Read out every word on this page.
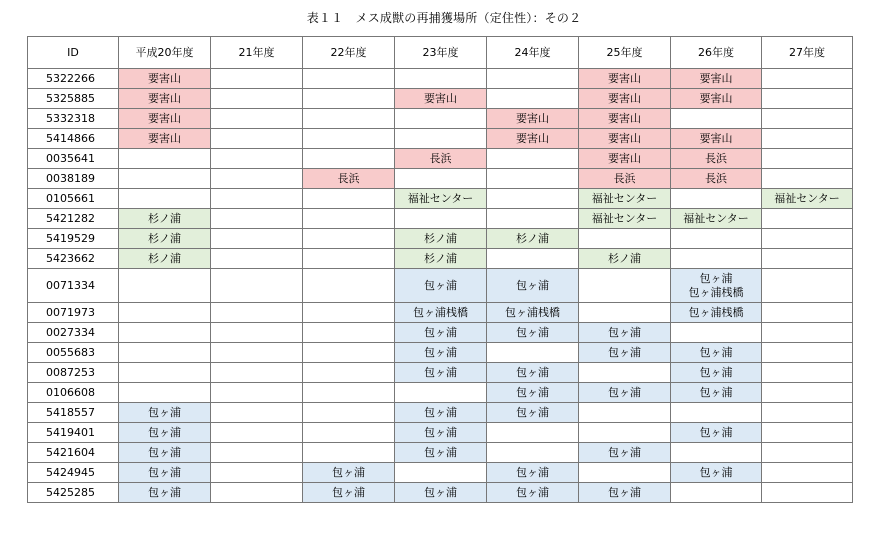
表１１　メス成獣の再捕獲場所（定住性）：その２
ID	平成20年度	21年度	22年度	23年度	24年度	25年度	26年度	27年度
5322266	要害山					要害山	要害山	
5325885	要害山			要害山		要害山	要害山	
5332318	要害山				要害山	要害山		
5414866	要害山				要害山	要害山	要害山	
0035641				長浜		要害山	長浜	
0038189			長浜			長浜	長浜	
0105661				福祉センター		福祉センター		福祉センター
5421282	杉ノ浦					福祉センター	福祉センター	
5419529	杉ノ浦			杉ノ浦	杉ノ浦			
5423662	杉ノ浦			杉ノ浦		杉ノ浦		
0071334				包ヶ浦	包ヶ浦		包ヶ浦
包ヶ浦桟橋	
0071973				包ヶ浦桟橋	包ヶ浦桟橋		包ヶ浦桟橋	
0027334				包ヶ浦	包ヶ浦	包ヶ浦		
0055683				包ヶ浦		包ヶ浦	包ヶ浦	
0087253				包ヶ浦	包ヶ浦		包ヶ浦	
0106608					包ヶ浦	包ヶ浦	包ヶ浦	
5418557	包ヶ浦			包ヶ浦	包ヶ浦			
5419401	包ヶ浦			包ヶ浦			包ヶ浦	
5421604	包ヶ浦			包ヶ浦		包ヶ浦		
5424945	包ヶ浦		包ヶ浦		包ヶ浦		包ヶ浦	
5425285	包ヶ浦		包ヶ浦	包ヶ浦	包ヶ浦	包ヶ浦		
